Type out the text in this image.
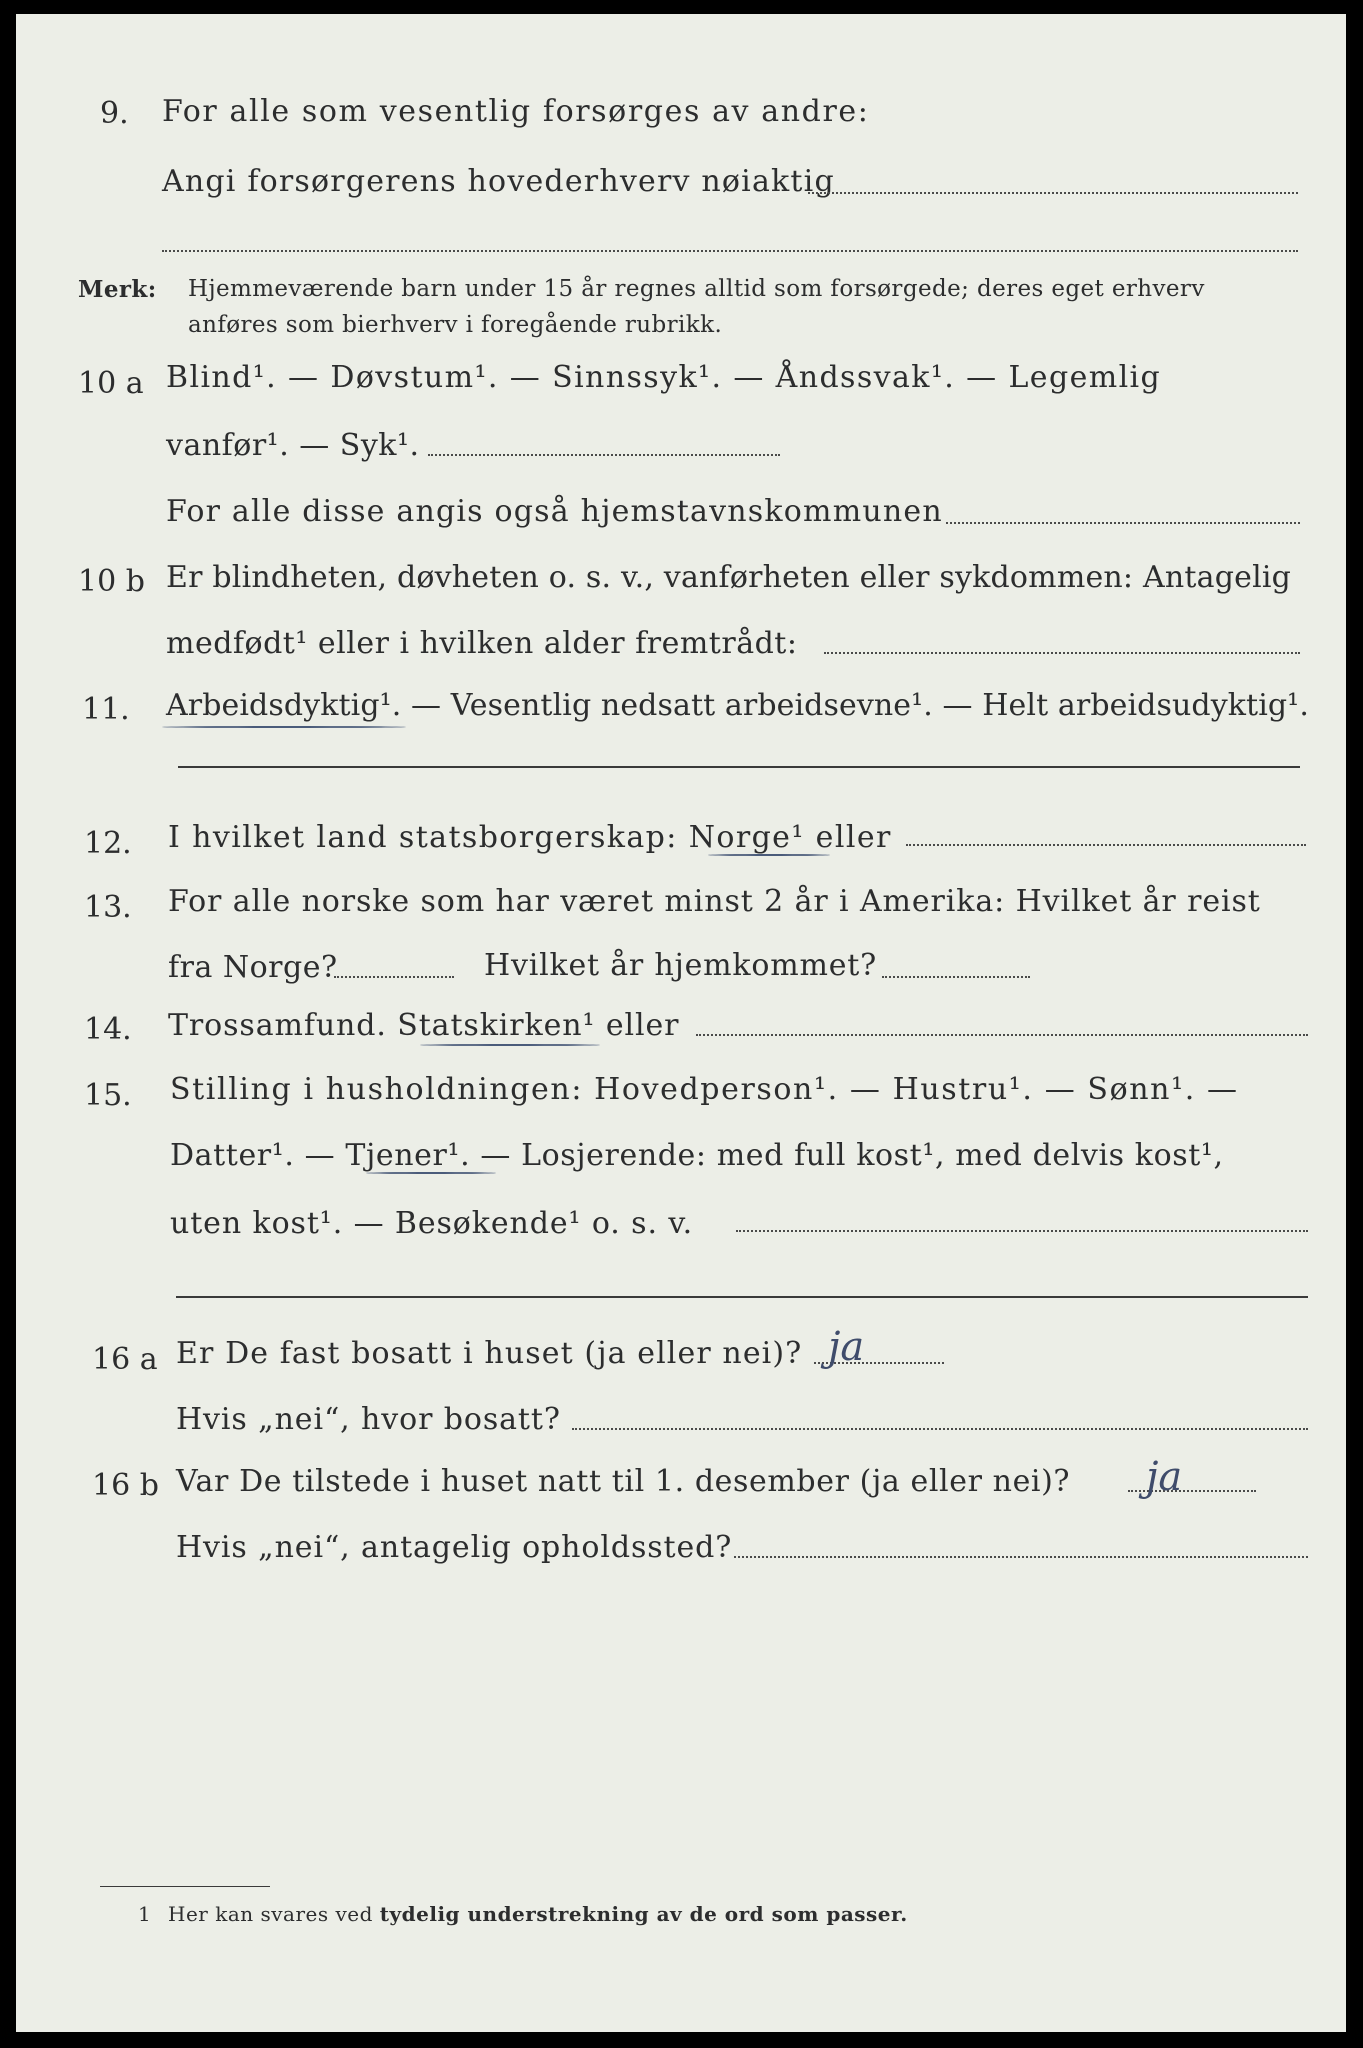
9. For alle som vesentlig forsørges av andre:
Angi forsørgerens hovederhverv nøiaktig
Merk: Hjemmeværende barn under 15 år regnes alltid som forsørgede; deres eget erhverv
anføres som bierhverv i foregående rubrikk.
10 a Blind¹. — Døvstum¹. — Sinnssyk¹. — Åndssvak¹. — Legemlig
vanfør¹. — Syk¹.
For alle disse angis også hjemstavnskommunen
10 b Er blindheten, døvheten o. s. v., vanførheten eller sykdommen: Antagelig
medfødt¹ eller i hvilken alder fremtrådt:
11. Arbeidsdyktig¹. — Vesentlig nedsatt arbeidsevne¹. — Helt arbeidsudyktig¹.
12. I hvilket land statsborgerskap: Norge¹ eller
13. For alle norske som har været minst 2 år i Amerika: Hvilket år reist
fra Norge?	Hvilket år hjemkommet?
14. Trossamfund. Statskirken¹ eller
15. Stilling i husholdningen: Hovedperson¹. — Hustru¹. — Sønn¹. —
Datter¹. — Tjener¹. — Losjerende: med full kost¹, med delvis kost¹,
uten kost¹. — Besøkende¹ o. s. v.
16 a Er De fast bosatt i huset (ja eller nei)? ja
Hvis „nei“, hvor bosatt?
16 b Var De tilstede i huset natt til 1. desember (ja eller nei)? ja
Hvis „nei“, antagelig opholdssted?
1 Her kan svares ved tydelig understrekning av de ord som passer.
